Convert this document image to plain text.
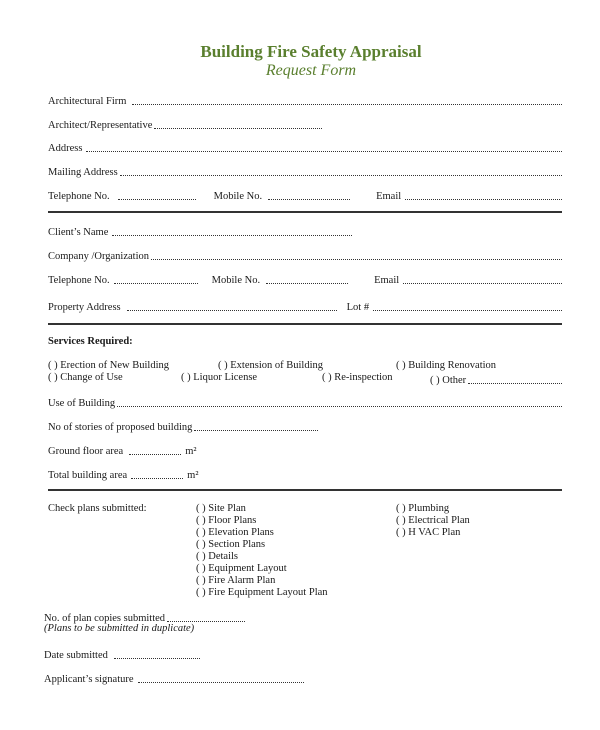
Building Fire Safety Appraisal
Request Form
Architectural Firm
Architect/Representative
Address
Mailing Address
Telephone No.	Mobile No.	Email
Client’s Name
Company /Organization
Telephone No.	Mobile No.	Email
Property Address	Lot #
Services Required:
( ) Erection of New Building	( ) Extension of Building	( ) Building Renovation
( ) Change of Use	( ) Liquor License	( ) Re-inspection	( ) Other
Use of Building
No of stories of proposed building
Ground floor area	m²
Total building area	m²
Check plans submitted:	( ) Site Plan
( ) Floor Plans
( ) Elevation Plans
( ) Section Plans
( ) Details
( ) Equipment Layout
( ) Fire Alarm Plan
( ) Fire Equipment Layout Plan
( ) Plumbing
( ) Electrical Plan
( ) H VAC Plan
No. of plan copies submitted
(Plans to be submitted in duplicate)
Date submitted
Applicant’s signature
